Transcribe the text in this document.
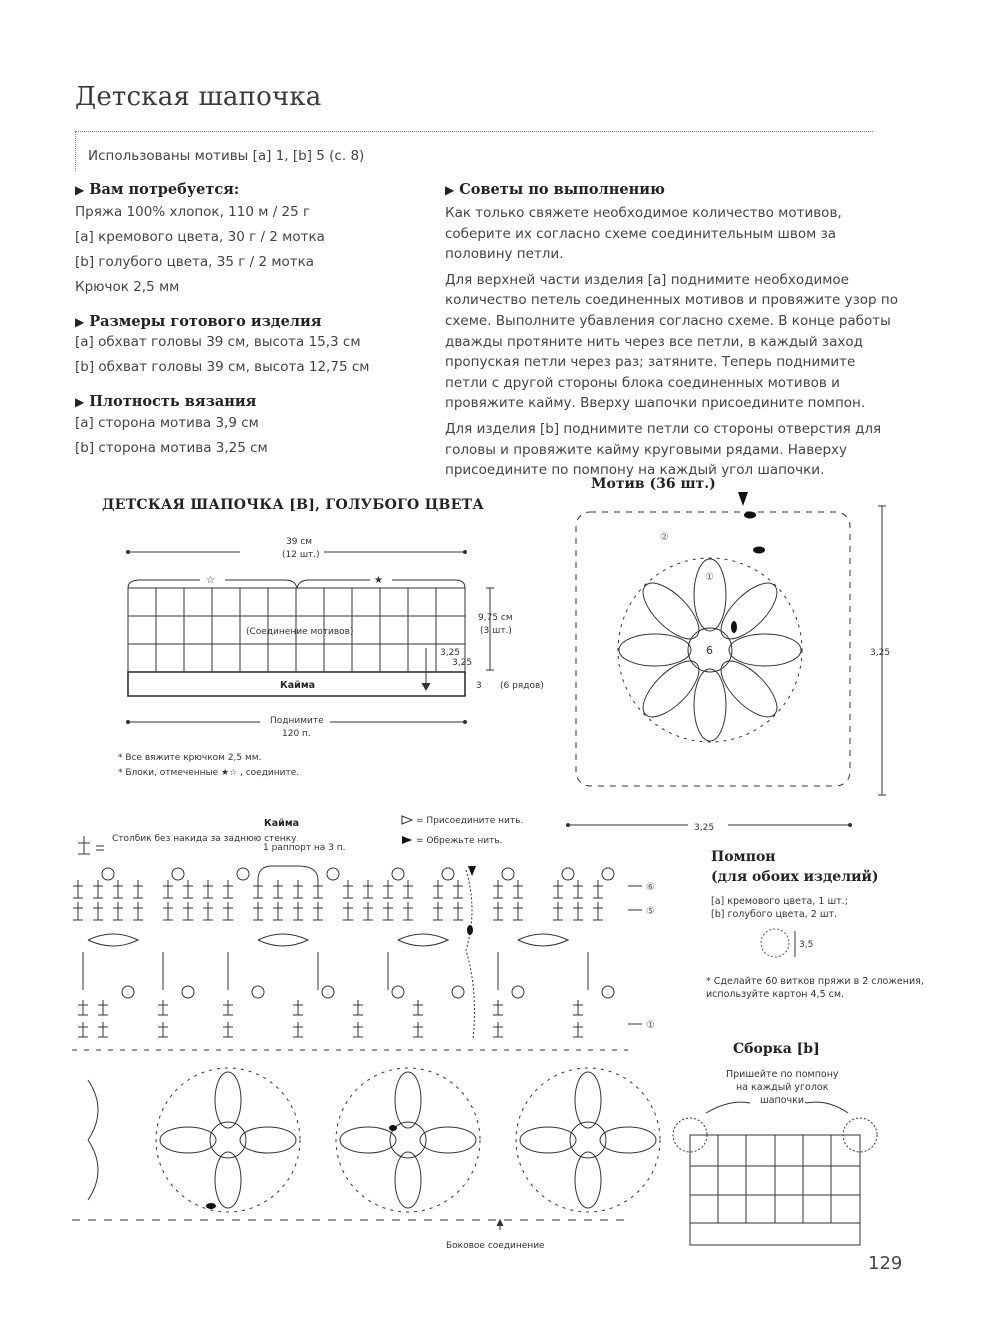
Детская шапочка
Использованы мотивы [a] 1, [b] 5 (с. 8)
▶ Вам потребуется:
Пряжа 100% хлопок, 110 м / 25 г
[a] кремового цвета, 30 г / 2 мотка
[b] голубого цвета, 35 г / 2 мотка
Крючок 2,5 мм
▶ Размеры готового изделия
[a] обхват головы 39 см, высота 15,3 см
[b] обхват головы 39 см, высота 12,75 см
▶ Плотность вязания
[a] сторона мотива 3,9 см
[b] сторона мотива 3,25 см
▶ Советы по выполнению

Как только свяжете необходимое количество мотивов, соберите их согласно схеме соединительным швом за половину петли.

Для верхней части изделия [a] поднимите необходимое количество петель соединенных мотивов и провяжите узор по схеме. Выполните убавления согласно схеме. В конце работы дважды протяните нить через все петли, в каждый заход пропуская петли через раз; затяните. Теперь поднимите петли с другой стороны блока соединенных мотивов и провяжите кайму. Вверху шапочки присоедините помпон.

Для изделия [b] поднимите петли со стороны отверстия для головы и провяжите кайму круговыми рядами. Наверху присоедините по помпону на каждый угол шапочки.

ДЕТСКАЯ ШАПОЧКА [B], ГОЛУБОГО ЦВЕТА
39 см
(12 шт.)
☆	★
(Соединение мотивов)
9,75 см
(3 шт.)
3,25
3,25
Кайма	3 (6 рядов)
Поднимите
120 п.
* Все вяжите крючком 2,5 мм.
* Блоки, отмеченные ★☆ , соедините.
Мотив (36 шт.)
6
①
②
3,25
3,25
Кайма
Столбик без накида за заднюю стенку
= Присоедините нить.
= Обрежьте нить.
1 раппорт на 3 п.
⑥
⑤
①
Боковое соединение
Помпон
(для обоих изделий)
[a] кремового цвета, 1 шт.;
[b] голубого цвета, 2 шт.
3,5
* Сделайте 60 витков пряжи в 2 сложения,
используйте картон 4,5 см.
Сборка [b]
Пришейте по помпону
на каждый уголок
шапочки.
129
